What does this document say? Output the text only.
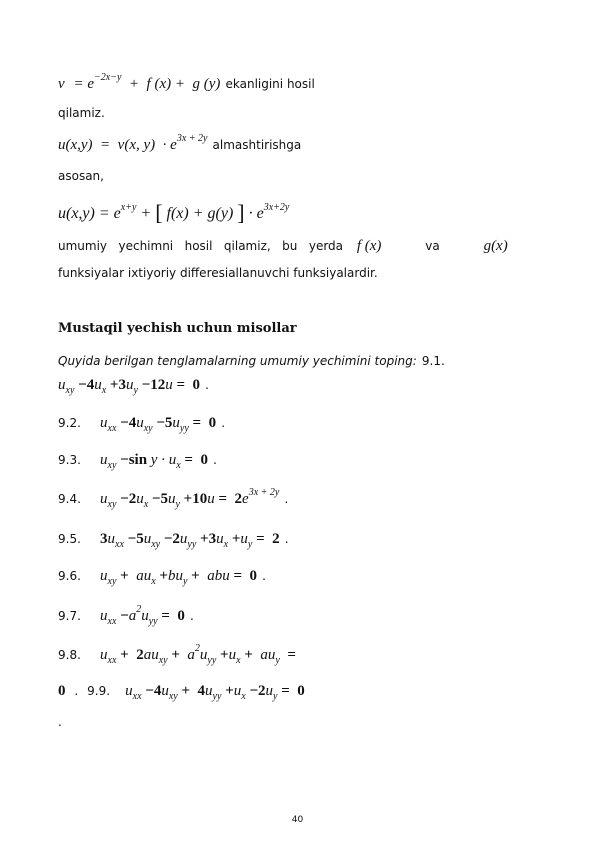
$v = e^{-2x-y} + f$ (x) +  g (y) ekanligini hosil
qilamiz.
u(x,y)  =  v(x, $y) \cdot e^{3x + 2y}$ almashtirishga
asosan,
$u(x,y) = e^{x+y}$ + [ f(x) + g(y) ] · $e^{3x+2y}$
umumiy yechimni hosil qilamiz, bu yerda f (x)	va	g(x)
funksiyalar ixtiyoriy differesiallanuvchi funksiyalardir.
Mustaqil yechish uchun misollar
Quyida berilgan tenglamalarning umumiy yechimini toping: 9.1.
$u_{xy} -4u_x +3u_y -12u = 0$ .
9.2. $u_{xx} -4u_{xy} -5u_{yy} = 0$ .
9.3. $u_{xy} -\sin$ $y \cdot u_x = 0$ .
9.4. $u_{xy} -2u_x -5u_y +10u = 2e^{3x + 2y}$ .
9.5. $3u_{xx} -5u_{xy} -2u_{yy} +3u_x +u_y = 2$ .
9.6. $u_{xy} + au_x +bu_y$ +  abu =  0 .
9.7. $u_{xx} -a^2u_{yy} = 0$ .
9.8. $u_{xx} + 2au_{xy} + a^2u_{yy} +u_x + au_y$ =
0  .  9.9. $u_{xx} -4u_{xy} + 4u_{yy} +u_x -2u_y = 0$
.
40
